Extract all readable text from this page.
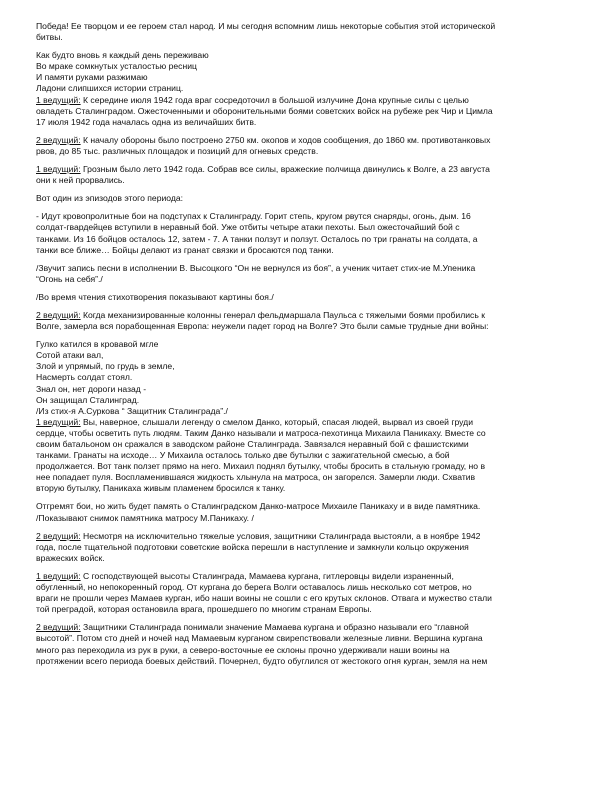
Победа! Ее творцом и ее героем стал народ. И мы сегодня вспомним лишь некоторые события этой исторической
битвы.
Как будто вновь я каждый день переживаю
Во мраке сомкнутых усталостью ресниц
И памяти руками разжимаю
Ладони слипшихся истории страниц.
1 ведущий: К середине июля 1942 года враг сосредоточил в большой излучине Дона крупные силы с целью
овладеть Сталинградом. Ожесточенными и оборонительными боями советских войск на рубеже рек Чир и Цимла
17 июля 1942 года началась одна из величайших битв.
2 ведущий: К началу обороны было построено 2750 км. окопов и ходов сообщения, до 1860 км. противотанковых
рвов, до 85 тыс. различных площадок и позиций для огневых средств.
1 ведущий: Грозным было лето 1942 года. Собрав все силы, вражеские полчища двинулись к Волге, а 23 августа
они к ней прорвались.
Вот один из эпизодов этого периода:
- Идут кровопролитные бои на подступах к Сталинграду. Горит степь, кругом рвутся снаряды, огонь, дым. 16
солдат-гвардейцев вступили в неравный бой. Уже отбиты четыре атаки пехоты. Был ожесточайший бой с
танками. Из 16 бойцов осталось 12, затем - 7. А танки ползут и ползут. Осталось по три гранаты на солдата, а
танки все ближе… Бойцы делают из гранат связки и бросаются под танки.
/Звучит запись песни в исполнении В. Высоцкого “Он не вернулся из боя”, а ученик читает стих-ие М.Упеника
“Огонь на себя”./
/Во время чтения стихотворения показывают картины боя./
2 ведущий: Когда механизированные колонны генерал фельдмаршала Паульса с тяжелыми боями пробились к
Волге, замерла вся порабощенная Европа: неужели падет город на Волге? Это были самые трудные дни войны:
Гулко катился в кровавой мгле
Сотой атаки вал,
Злой и упрямый, по грудь в земле,
Насмерть солдат стоял.
Знал он, нет дороги назад -
Он защищал Сталинград.
/Из стих-я А.Суркова “ Защитник Сталинграда”./
1 ведущий: Вы, наверное, слышали легенду о смелом Данко, который, спасая людей, вырвал из своей груди
сердце, чтобы осветить путь людям. Таким Данко называли и матроса-пехотинца Михаила Паникаху. Вместе со
своим батальоном он сражался в заводском районе Сталинграда. Завязался неравный бой с фашистскими
танками. Гранаты на исходе… У Михаила осталось только две бутылки с зажигательной смесью, а бой
продолжается. Вот танк ползет прямо на него. Михаил поднял бутылку, чтобы бросить в стальную громаду, но в
нее попадает пуля. Воспламенившаяся жидкость хлынула на матроса, он загорелся. Замерли люди. Схватив
вторую бутылку, Паникаха живым пламенем бросился к танку.
Отгремят бои, но жить будет память о Сталинградском Данко-матросе Михаиле Паникаху и в виде памятника.
/Показывают снимок памятника матросу М.Паникаху. /
2 ведущий: Несмотря на исключительно тяжелые условия, защитники Сталинграда выстояли, а в ноябре 1942
года, после тщательной подготовки советские войска перешли в наступление и замкнули кольцо окружения
вражеских войск.
1 ведущий: С господствующей высоты Сталинграда, Мамаева кургана, гитлеровцы видели израненный,
обугленный, но непокоренный город. От кургана до берега Волги оставалось лишь несколько сот метров, но
враги не прошли через Мамаев курган, ибо наши воины не сошли с его крутых склонов. Отвага и мужество стали
той преградой, которая остановила врага, прошедшего по многим странам Европы.
2 ведущий: Защитники Сталинграда понимали значение Мамаева кургана и образно называли его “главной
высотой”. Потом сто дней и ночей над Мамаевым курганом свирепствовали железные ливни. Вершина кургана
много раз переходила из рук в руки, а северо-восточные ее склоны прочно удерживали наши воины на
протяжении всего периода боевых действий. Почернел, будто обуглился от жестокого огня курган, земля на нем
